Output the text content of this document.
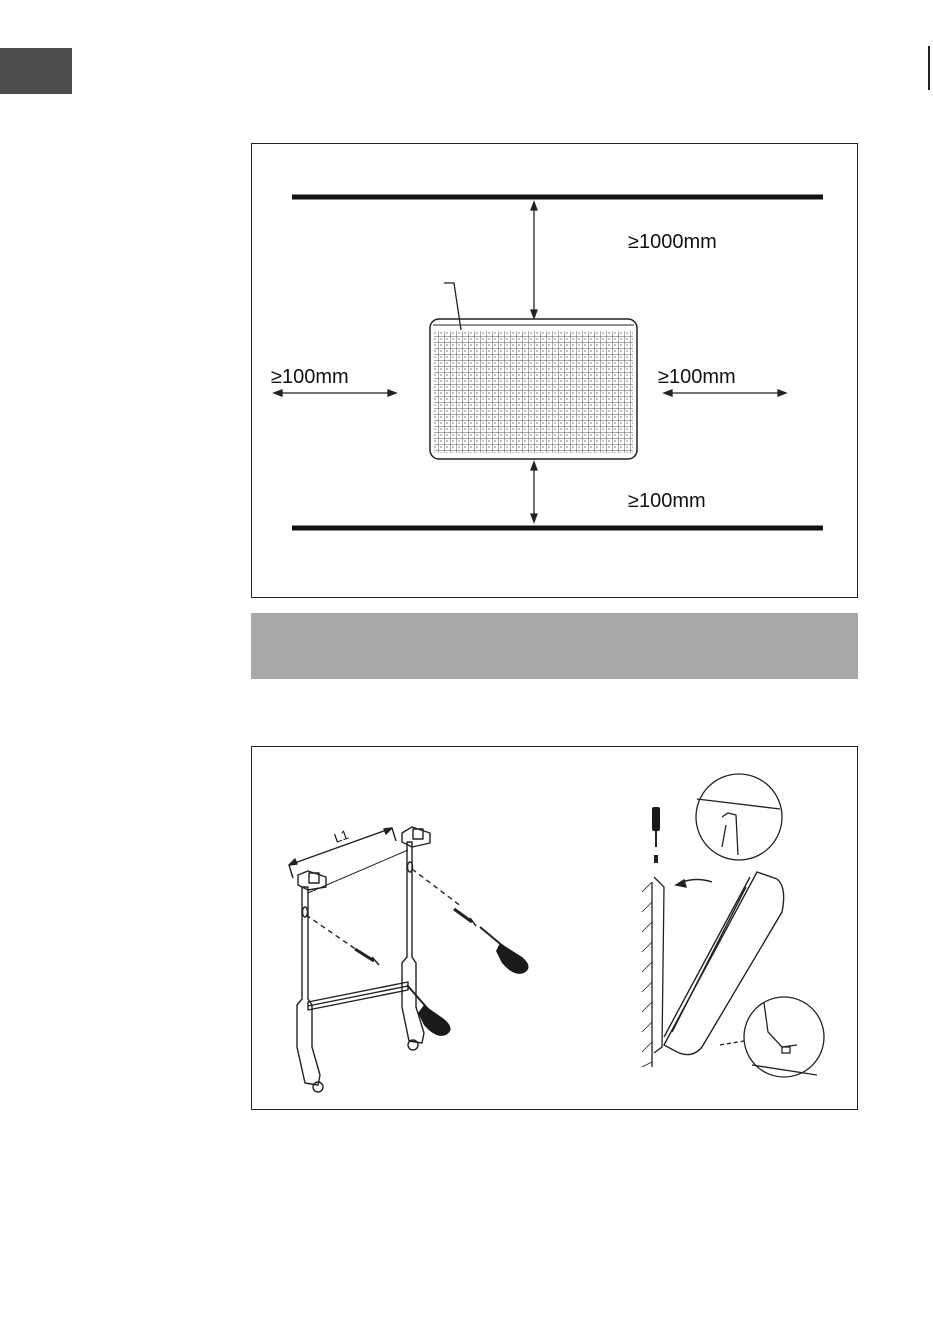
≥1000mm
≥100mm	≥100mm
≥100mm
L1
